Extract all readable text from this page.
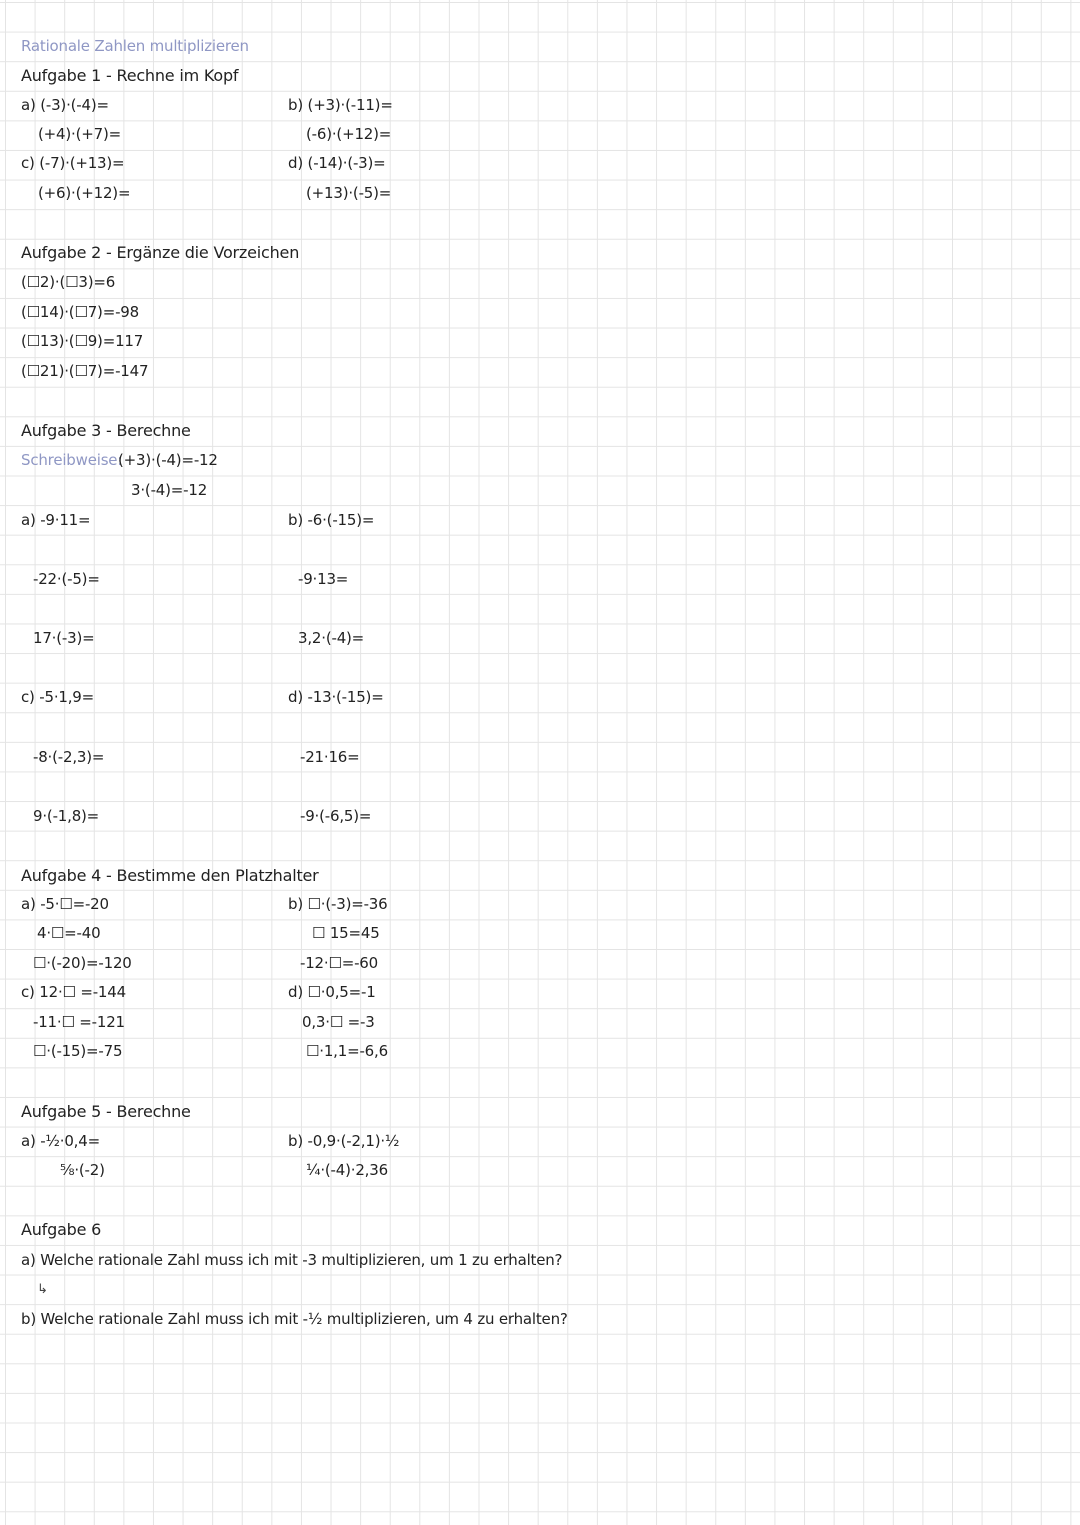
Rationale Zahlen multiplizieren
Aufgabe 1 - Rechne im Kopf
a) (-3)·(-4)=
(+4)·(+7)=
c) (-7)·(+13)=
(+6)·(+12)=
b) (+3)·(-11)=
(-6)·(+12)=
d) (-14)·(-3)=
(+13)·(-5)=
Aufgabe 2 - Ergänze die Vorzeichen
(☐2)·(☐3)=6
(☐14)·(☐7)=-98
(☐13)·(☐9)=117
(☐21)·(☐7)=-147
Aufgabe 3 - Berechne
Schreibweise:
(+3)·(-4)=-12
3·(-4)=-12
a) -9·11=
-22·(-5)=
17·(-3)=
b) -6·(-15)=
-9·13=
3,2·(-4)=
c) -5·1,9=
-8·(-2,3)=
9·(-1,8)=
d) -13·(-15)=
-21·16=
-9·(-6,5)=
Aufgabe 4 - Bestimme den Platzhalter
a) -5·☐=-20
4·☐=-40
☐·(-20)=-120
c) 12·☐ =-144
-11·☐ =-121
☐·(-15)=-75
b) ☐·(-3)=-36
☐ 15=45
-12·☐=-60
d) ☐·0,5=-1
0,3·☐ =-3
☐·1,1=-6,6
Aufgabe 5 - Berechne
a) -½·0,4=
⅝·(-2)
b) -0,9·(-2,1)·½
¼·(-4)·2,36
Aufgabe 6
a) Welche rationale Zahl muss ich mit -3 multiplizieren, um 1 zu erhalten?
↳
b) Welche rationale Zahl muss ich mit -½ multiplizieren, um 4 zu erhalten?
